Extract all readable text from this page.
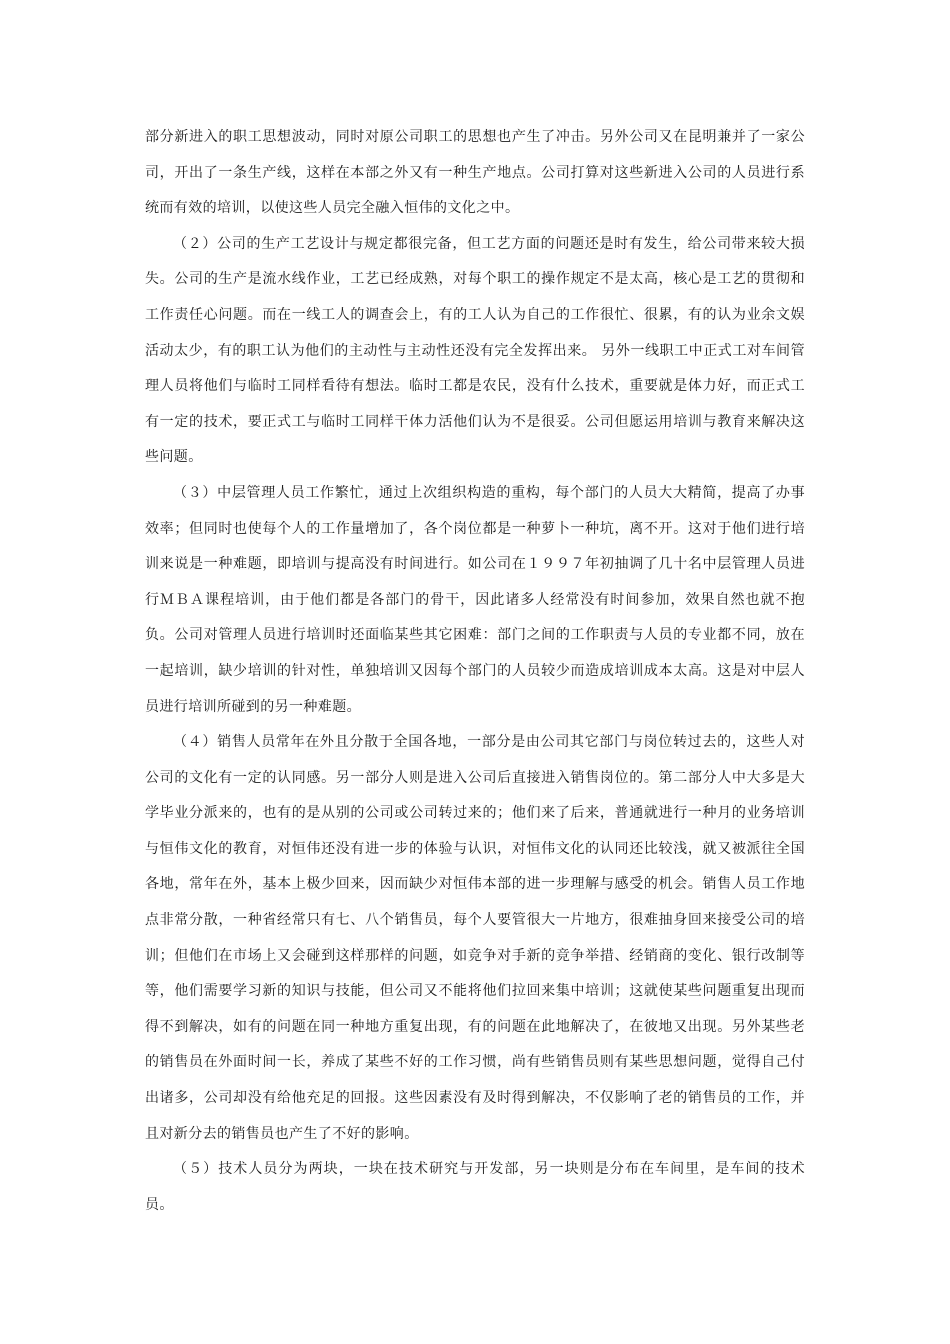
部分新进入的职工思想波动，同时对原公司职工的思想也产生了冲击。另外公司又在昆明兼并了一家公司，开出了一条生产线，这样在本部之外又有一种生产地点。公司打算对这些新进入公司的人员进行系统而有效的培训，以使这些人员完全融入恒伟的文化之中。

（２）公司的生产工艺设计与规定都很完备，但工艺方面的问题还是时有发生，给公司带来较大损失。公司的生产是流水线作业，工艺已经成熟，对每个职工的操作规定不是太高，核心是工艺的贯彻和工作责任心问题。而在一线工人的调查会上，有的工人认为自己的工作很忙、很累，有的认为业余文娱活动太少，有的职工认为他们的主动性与主动性还没有完全发挥出来。 另外一线职工中正式工对车间管理人员将他们与临时工同样看待有想法。临时工都是农民，没有什么技术，重要就是体力好，而正式工有一定的技术，要正式工与临时工同样干体力活他们认为不是很妥。公司但愿运用培训与教育来解决这些问题。

（３）中层管理人员工作繁忙，通过上次组织构造的重构，每个部门的人员大大精简，提高了办事效率；但同时也使每个人的工作量增加了，各个岗位都是一种萝卜一种坑，离不开。这对于他们进行培训来说是一种难题，即培训与提高没有时间进行。如公司在１９９７年初抽调了几十名中层管理人员进行ＭＢＡ课程培训，由于他们都是各部门的骨干，因此诸多人经常没有时间参加，效果自然也就不抱负。公司对管理人员进行培训时还面临某些其它困难：部门之间的工作职责与人员的专业都不同，放在一起培训，缺少培训的针对性，单独培训又因每个部门的人员较少而造成培训成本太高。这是对中层人员进行培训所碰到的另一种难题。

（４）销售人员常年在外且分散于全国各地，一部分是由公司其它部门与岗位转过去的，这些人对公司的文化有一定的认同感。另一部分人则是进入公司后直接进入销售岗位的。第二部分人中大多是大学毕业分派来的，也有的是从别的公司或公司转过来的；他们来了后来，普通就进行一种月的业务培训与恒伟文化的教育，对恒伟还没有进一步的体验与认识，对恒伟文化的认同还比较浅，就又被派往全国各地，常年在外，基本上极少回来，因而缺少对恒伟本部的进一步理解与感受的机会。销售人员工作地点非常分散，一种省经常只有七、八个销售员，每个人要管很大一片地方，很难抽身回来接受公司的培训；但他们在市场上又会碰到这样那样的问题，如竞争对手新的竞争举措、经销商的变化、银行改制等等，他们需要学习新的知识与技能，但公司又不能将他们拉回来集中培训；这就使某些问题重复出现而得不到解决，如有的问题在同一种地方重复出现，有的问题在此地解决了，在彼地又出现。另外某些老的销售员在外面时间一长，养成了某些不好的工作习惯，尚有些销售员则有某些思想问题，觉得自己付出诸多，公司却没有给他充足的回报。这些因素没有及时得到解决，不仅影响了老的销售员的工作，并且对新分去的销售员也产生了不好的影响。

（５）技术人员分为两块，一块在技术研究与开发部，另一块则是分布在车间里，是车间的技术员。
